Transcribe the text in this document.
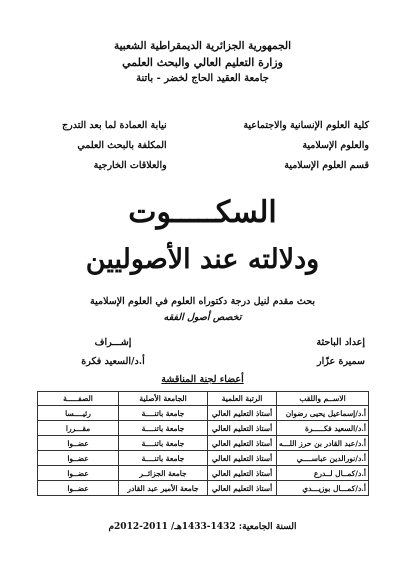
الجمهورية الجزائرية الديمقراطية الشعبية
وزارة التعليم العالي والبحث العلمي
جامعة العقيد الحاج لخضر - باتنة
كلية العلوم الإنسانية والاجتماعية
والعلوم الإسلامية
قسم العلوم الإسلامية
نيابة العمادة لما بعد التدرج
المكلفة بالبحث العلمي
والعلاقات الخارجية
السكـــــوت
ودلالته عند الأصوليين
بحث مقدم لنيل درجة دكتوراه العلوم في العلوم الإسلامية
تخصص أصول الفقه
إعداد الباحثة
سميرة عزّار
إشـــراف
أ.د/السعيد فكرة
أعضاء لجنة المناقشة
الاســم واللقب	الرتبة العلمية	الجامعة الأصلية	الصفـــــة
أ.د/إسماعيل يحيى رضوان	أستاذ التعليم العالي	جامعة باتنــــة	رئيــــسا
أ.د/السعيد فكـــــرة	أستاذ التعليم العالي	جامعة باتنــــة	مقـــررا
أ.د/عبد القادر بن حرز اللـــه	أستاذ التعليم العالي	جامعة باتنــــة	عضــوا
أ.د/نورالدين عباســــي	أستاذ التعليم العالي	جامعة باتنــــة	عضــوا
أ.د/كمــال لــدرع	أستاذ التعليم العالي	جامعة الجزائــر	عضــوا
أ.د/كمـــال بوزيـــدي	أستاذ التعليم العالي	جامعة الأمير عبد القادر	عضــوا
السنة الجامعية: 1432-1433هـ/ 2011-2012م
